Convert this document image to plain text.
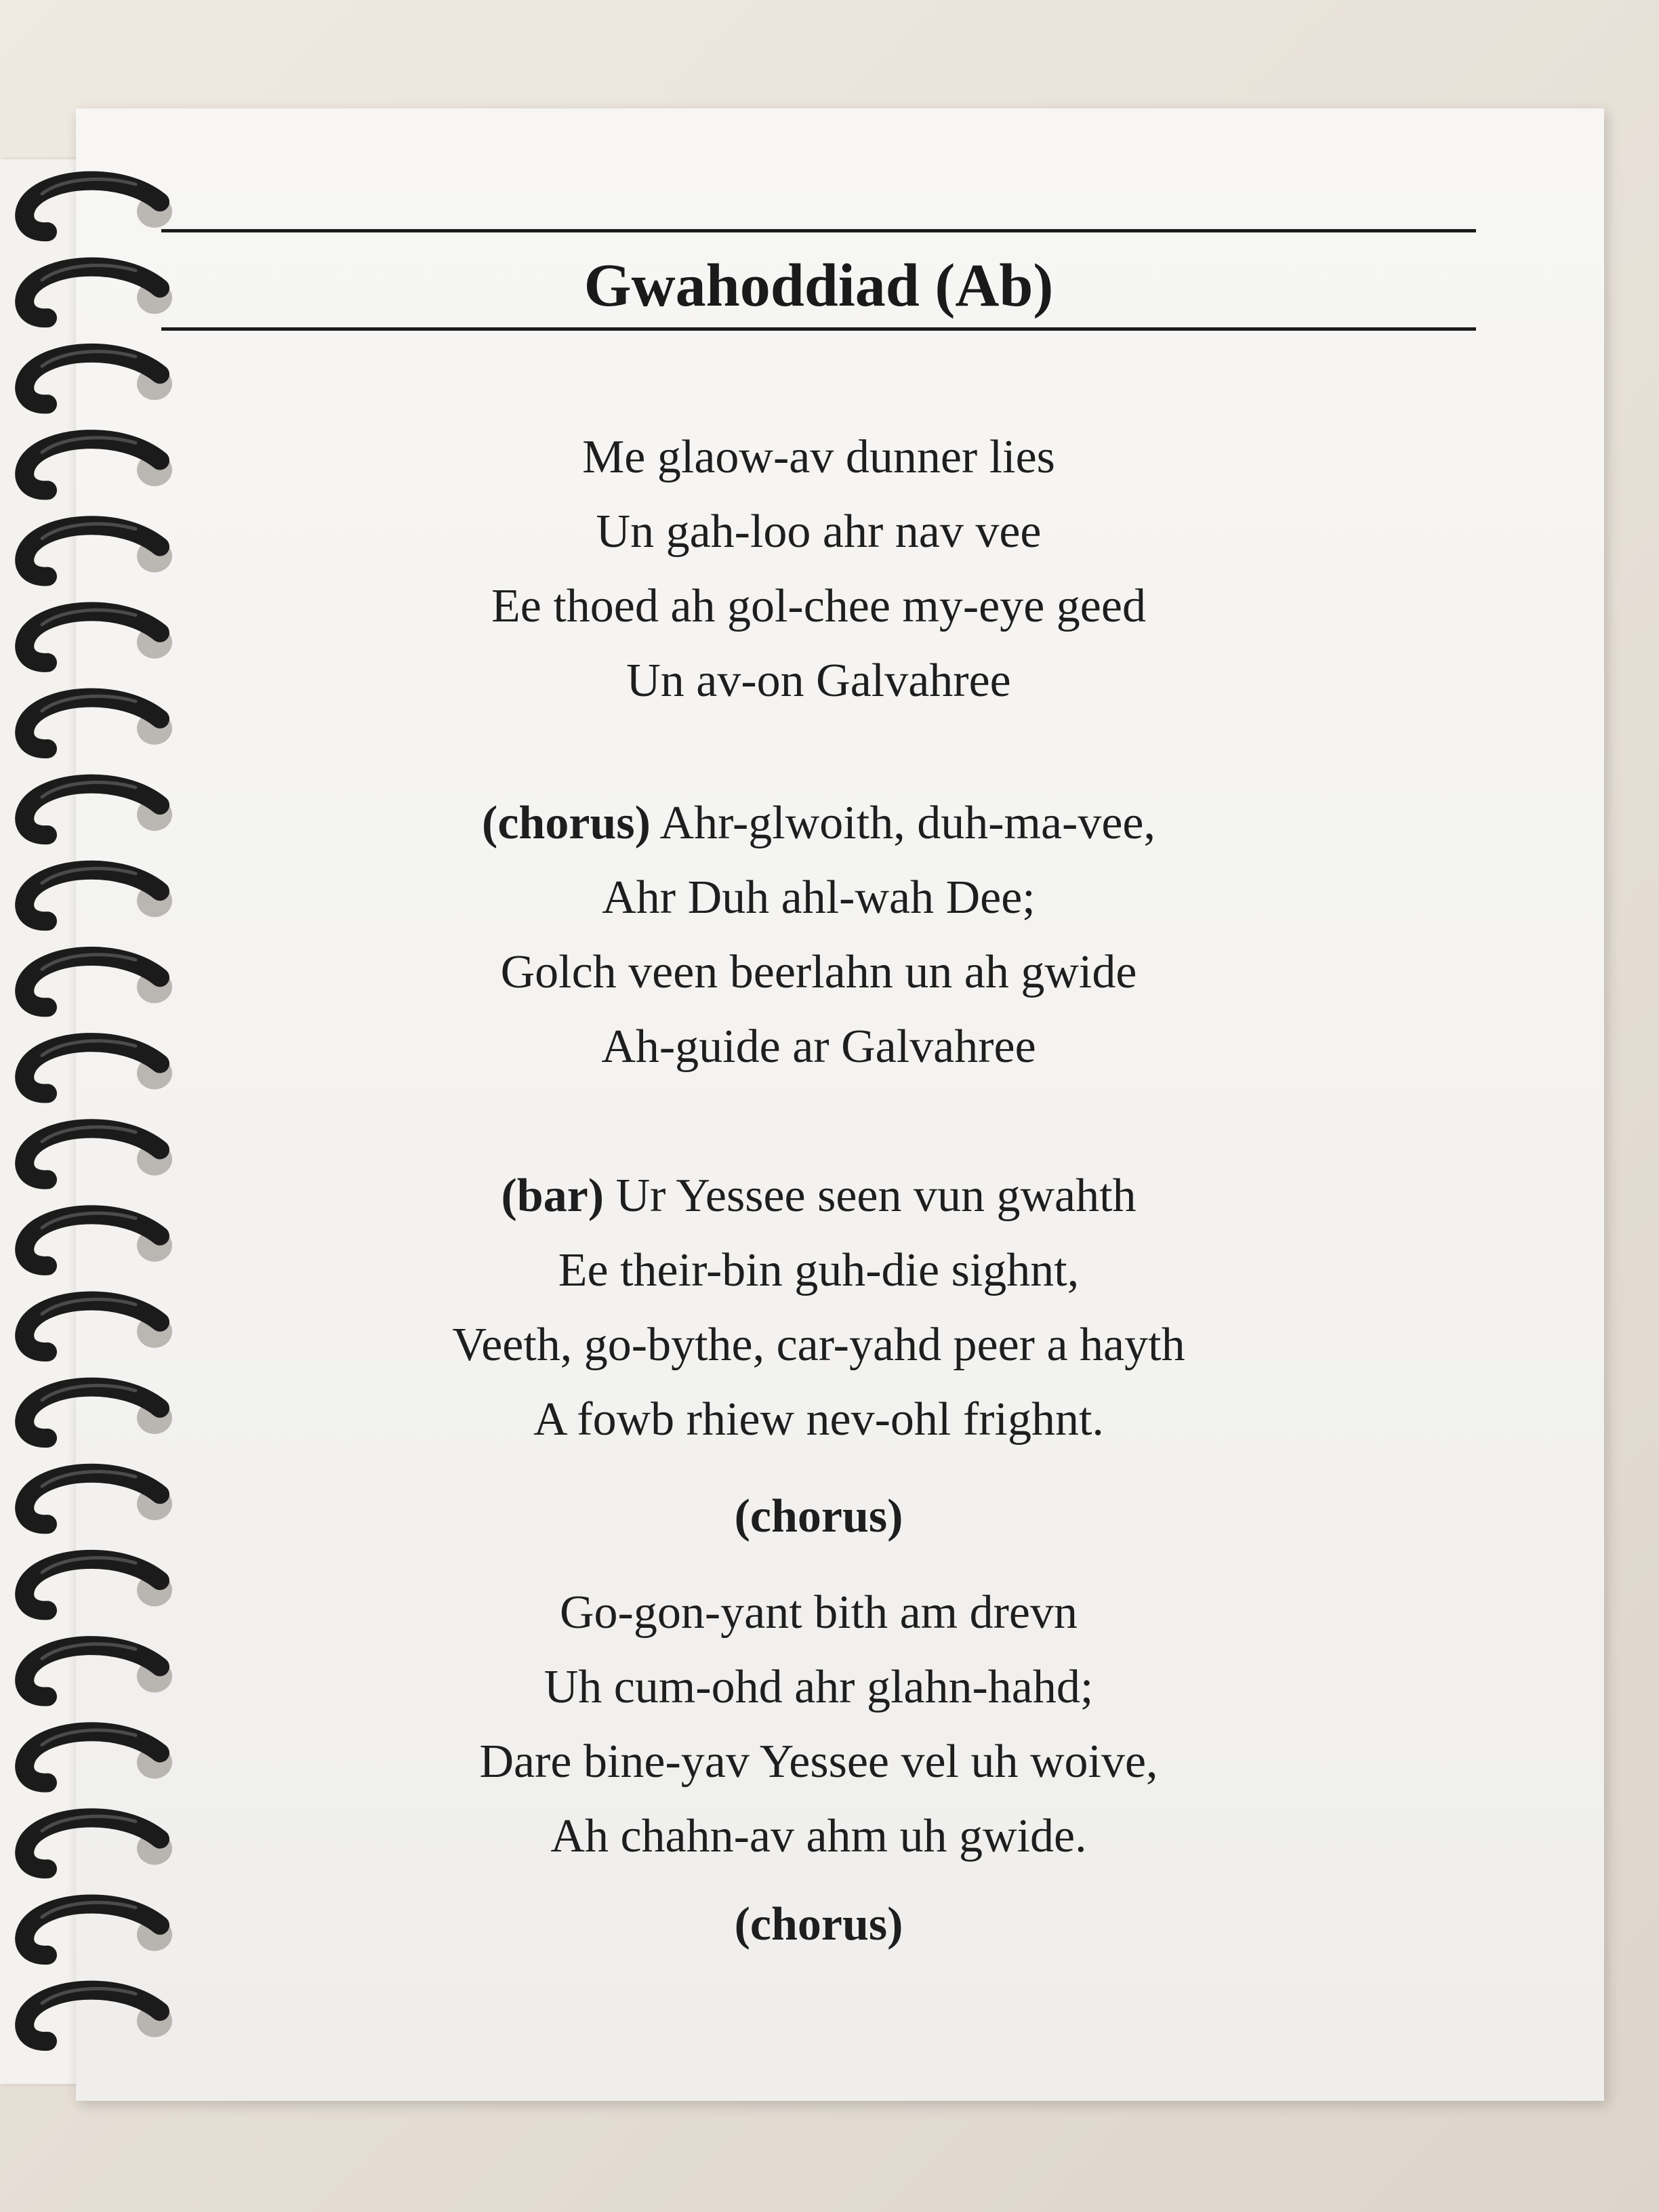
Gwahoddiad (Ab)
Me glaow-av dunner lies
Un gah-loo ahr nav vee
Ee thoed ah gol-chee my-eye geed
Un av-on Galvahree
(chorus) Ahr-glwoith, duh-ma-vee,
Ahr Duh ahl-wah Dee;
Golch veen beerlahn un ah gwide
Ah-guide ar Galvahree
(bar) Ur Yessee seen vun gwahth
Ee their-bin guh-die sighnt,
Veeth, go-bythe, car-yahd peer a hayth
A fowb rhiew nev-ohl frighnt.
(chorus)
Go-gon-yant bith am drevn
Uh cum-ohd ahr glahn-hahd;
Dare bine-yav Yessee vel uh woive,
Ah chahn-av ahm uh gwide.
(chorus)
